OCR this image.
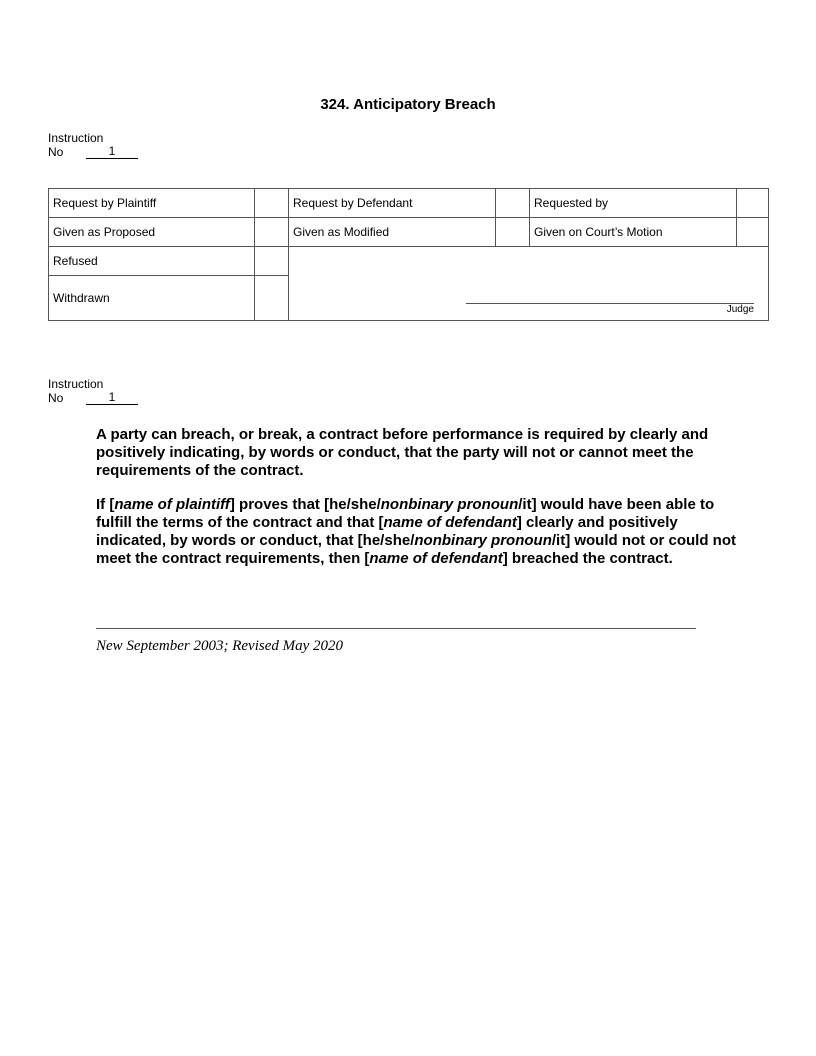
324. Anticipatory Breach
Instruction
No	1
Request by Plaintiff	Request by Defendant	Requested by
Given as Proposed	Given as Modified	Given on Court’s Motion
Refused
Withdrawn
Judge
Instruction
No	1

A party can breach, or break, a contract before performance is required by clearly and positively indicating, by words or conduct, that the party will not or cannot meet the requirements of the contract.

If [name of plaintiff] proves that [he/she/nonbinary pronoun/it] would have been able to fulfill the terms of the contract and that [name of defendant] clearly and positively indicated, by words or conduct, that [he/she/nonbinary pronoun/it] would not or could not meet the contract requirements, then [name of defendant] breached the contract.

New September 2003; Revised May 2020
